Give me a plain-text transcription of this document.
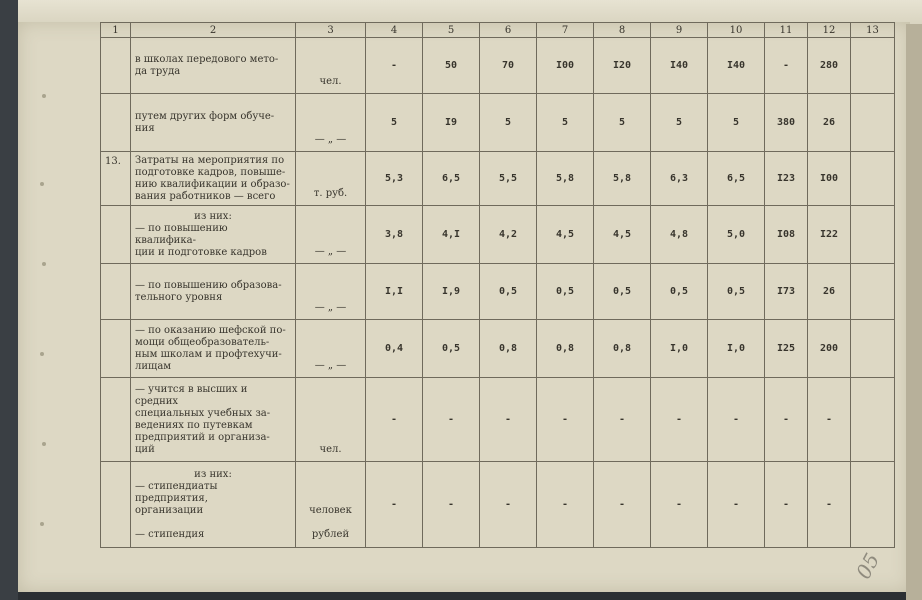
1	2	3	4	5	6	7	8	9	10	11	12	13

	в школах передового мето-
да труда	чел.	-	50	70	I00	I20	I40	I40	-	280	

	путем других форм обуче-
ния	— „ —	5	I9	5	5	5	5	5	380	26	
13.	Затраты на мероприятия по
подготовке кадров, повыше-
нию квалификации и образо-
вания работников — всего	т. руб.	5,3	6,5	5,5	5,8	5,8	6,3	6,5	I23	I00	

	из них:
— по повышению квалифика-
ции и подготовке кадров	— „ —	3,8	4,I	4,2	4,5	4,5	4,8	5,0	I08	I22	

	— по повышению образова-
тельного уровня	— „ —	I,I	I,9	0,5	0,5	0,5	0,5	0,5	I73	26	

	— по оказанию шефской по-
мощи общеобразователь-
ным школам и профтехучи-
лищам	— „ —	0,4	0,5	0,8	0,8	0,8	I,0	I,0	I25	200	

	— учится в высших и средних
специальных учебных за-
ведениях по путевкам
предприятий и организа-
ций	чел.	-	-	-	-	-	-	-	-	-	

	из них:
— стипендиаты предприятия,
организации
— стипендия	человек
рублей	-	-	-	-	-	-	-	-	-	
05
